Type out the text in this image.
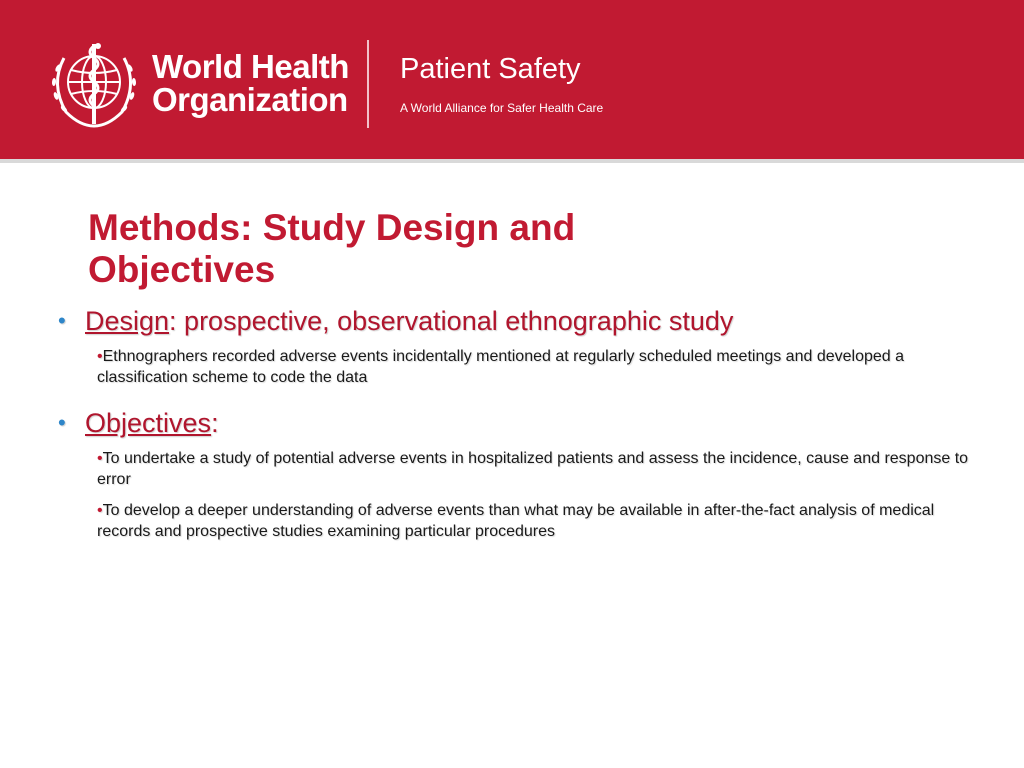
World Health
Organization
Patient Safety
A World Alliance for Safer Health Care
Methods: Study Design and Objectives
• Design: prospective, observational ethnographic study
•Ethnographers recorded adverse events incidentally mentioned at regularly scheduled meetings and developed a classification scheme to code the data
• Objectives:
•To undertake a study of potential adverse events in hospitalized patients and assess the incidence, cause and response to error
•To develop a deeper understanding of adverse events than what may be available in after-the-fact analysis of medical records and prospective studies examining particular procedures
